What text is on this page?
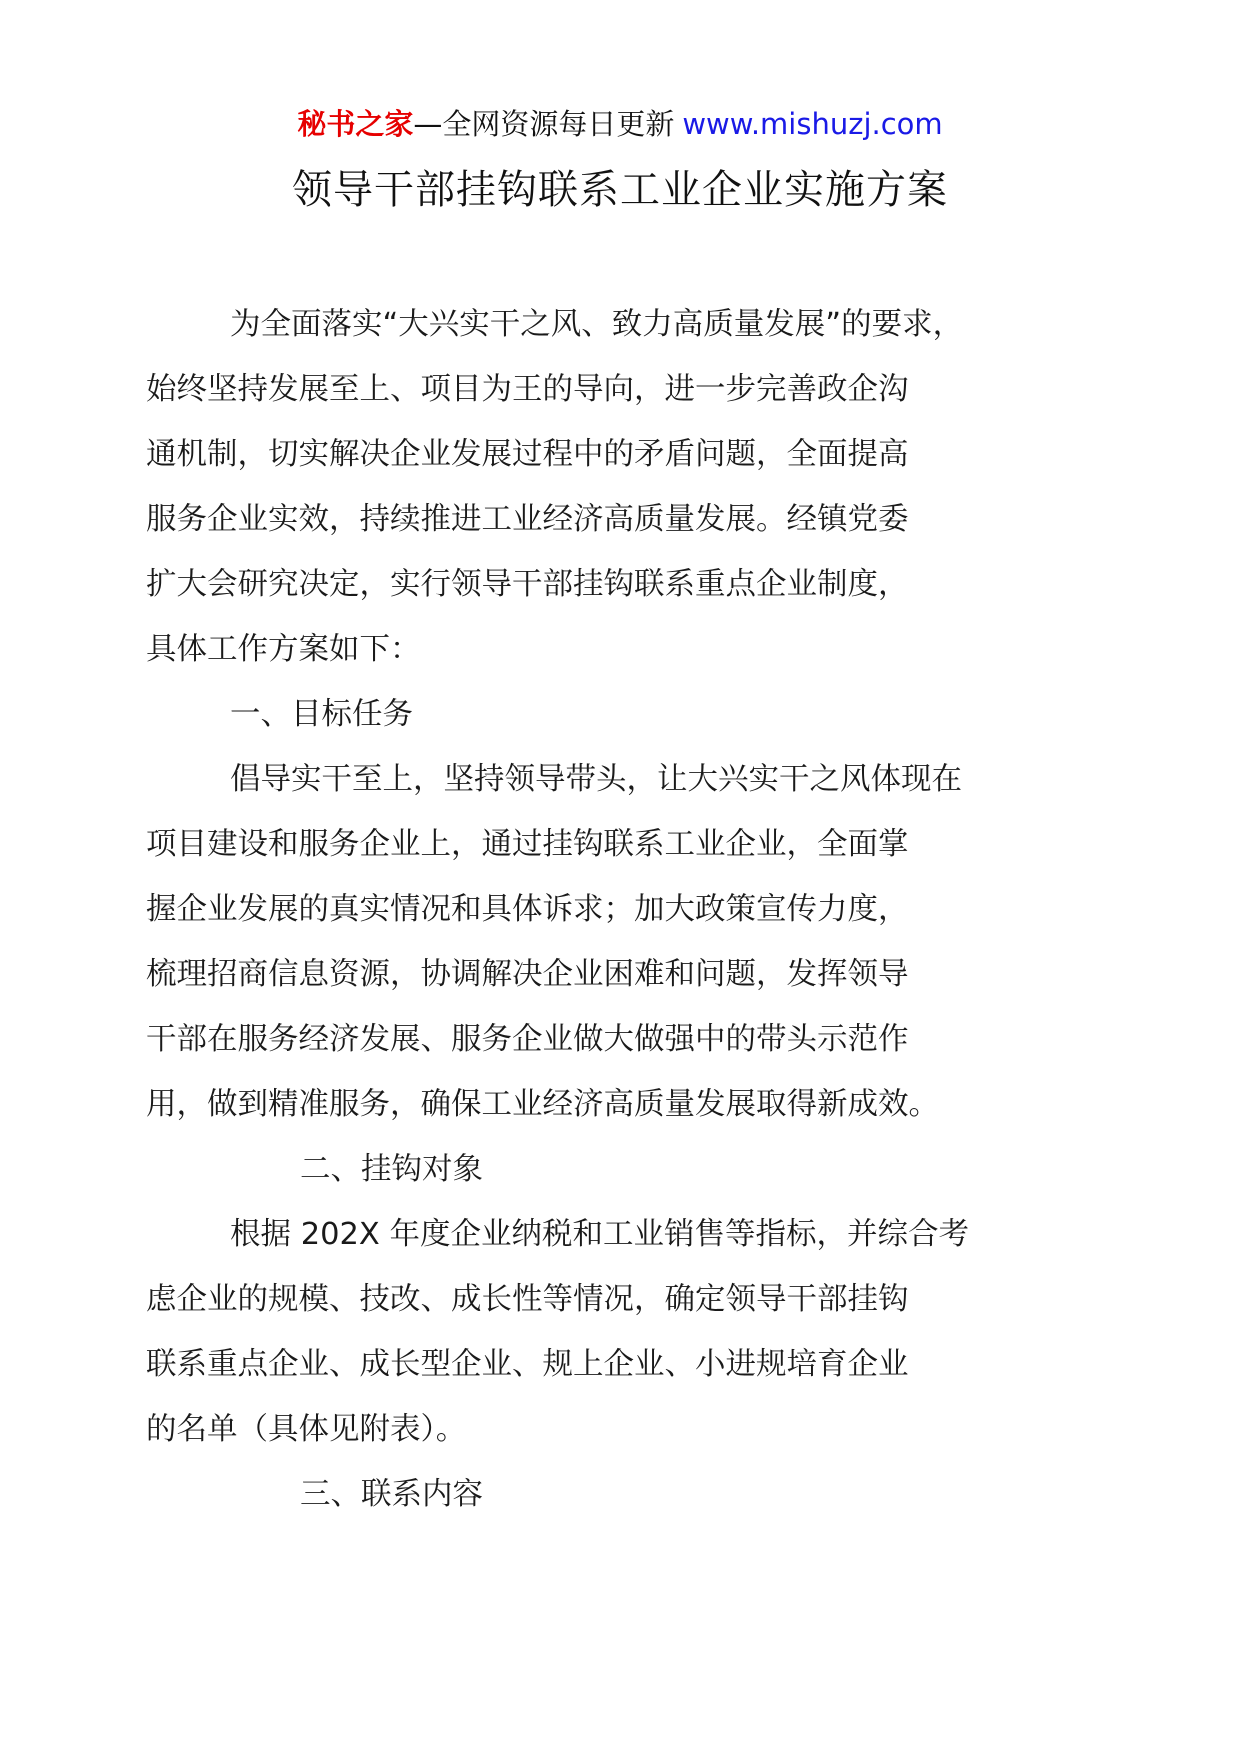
秘书之家—全网资源每日更新 www.mishuzj.com
领导干部挂钩联系工业企业实施方案

为全面落实“大兴实干之风、致力高质量发展”的要求，
始终坚持发展至上、项目为王的导向，进一步完善政企沟
通机制，切实解决企业发展过程中的矛盾问题，全面提高
服务企业实效，持续推进工业经济高质量发展。经镇党委
扩大会研究决定，实行领导干部挂钩联系重点企业制度，
具体工作方案如下：

一、目标任务

倡导实干至上，坚持领导带头，让大兴实干之风体现在
项目建设和服务企业上，通过挂钩联系工业企业，全面掌
握企业发展的真实情况和具体诉求；加大政策宣传力度，
梳理招商信息资源，协调解决企业困难和问题，发挥领导
干部在服务经济发展、服务企业做大做强中的带头示范作
用，做到精准服务，确保工业经济高质量发展取得新成效。

二、挂钩对象

根据 202X 年度企业纳税和工业销售等指标，并综合考
虑企业的规模、技改、成长性等情况，确定领导干部挂钩
联系重点企业、成长型企业、规上企业、小进规培育企业
的名单（具体见附表）。

三、联系内容
